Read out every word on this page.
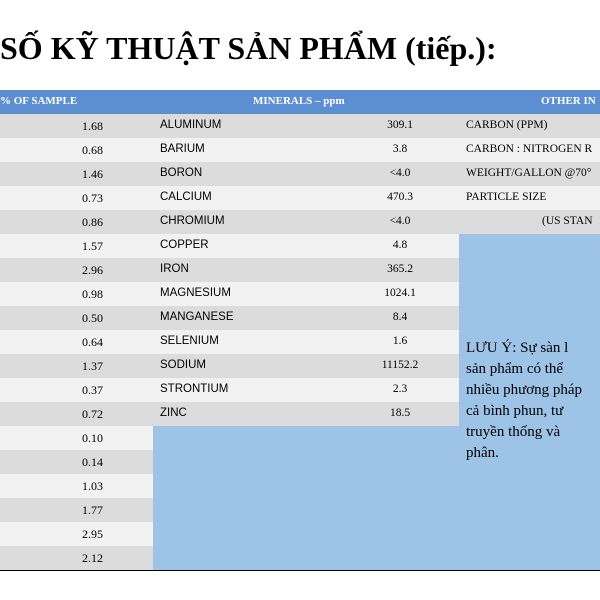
SỐ KỸ THUẬT SẢN PHẨM (tiếp.):
% OF SAMPLE	MINERALS – ppm	OTHER IN
1.68	ALUMINUM	309.1	CARBON (PPM)
0.68	BARIUM	3.8	CARBON : NITROGEN R
1.46	BORON	<4.0	WEIGHT/GALLON @70°
0.73	CALCIUM	470.3	PARTICLE SIZE
0.86	CHROMIUM	<4.0	(US STAN
1.57	COPPER	4.8
2.96	IRON	365.2
0.98	MAGNESIUM	1024.1
0.50	MANGANESE	8.4
0.64	SELENIUM	1.6
1.37	SODIUM	11152.2
0.37	STRONTIUM	2.3
0.72	ZINC	18.5
0.10
0.14
1.03
1.77
2.95
2.12
LƯU Ý: Sự sàn l
sản phẩm có thể
nhiều phương pháp
cả bình phun, tư
truyền thống và
phân.
